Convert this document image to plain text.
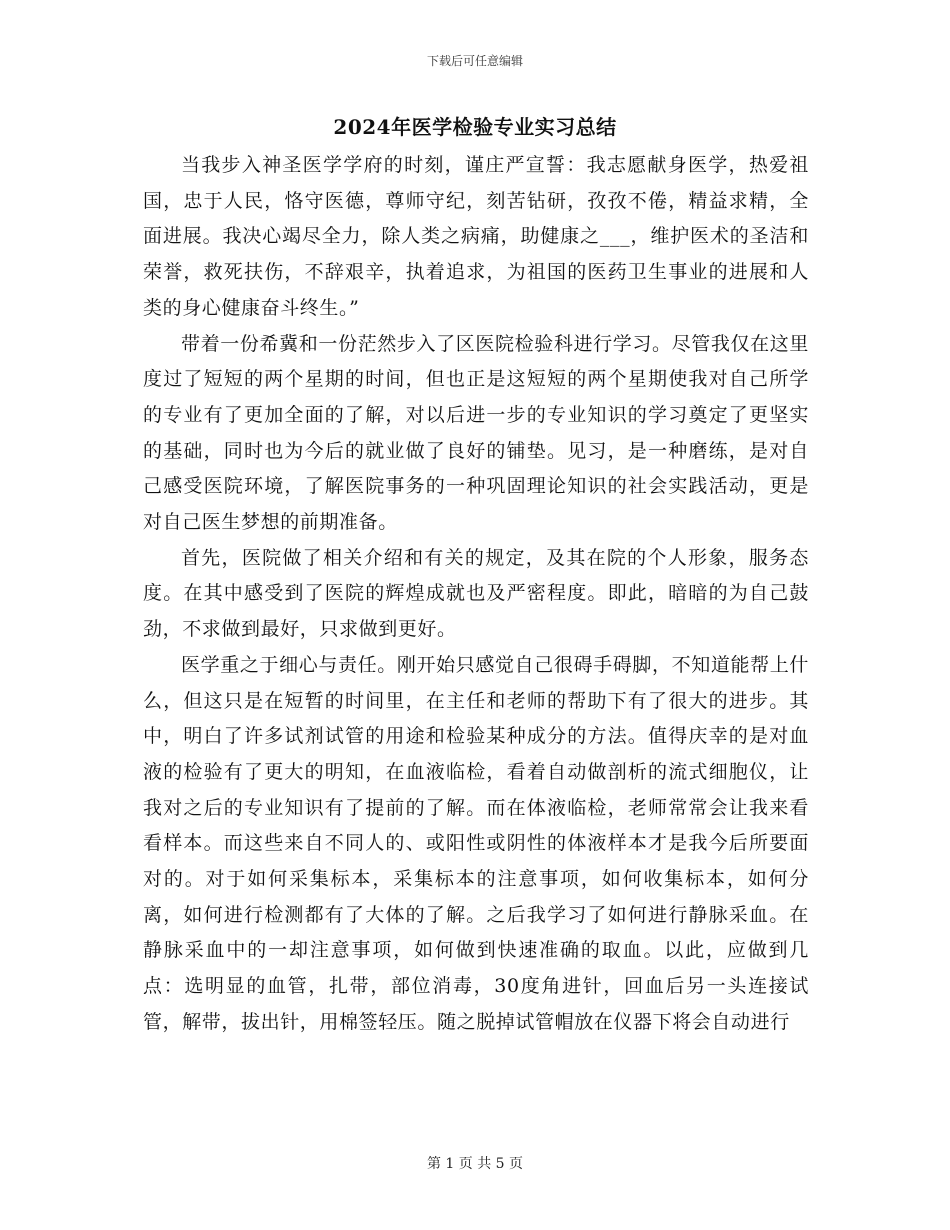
下载后可任意编辑
2024年医学检验专业实习总结

当我步入神圣医学学府的时刻，谨庄严宣誓：我志愿献身医学，热爱祖国，忠于人民，恪守医德，尊师守纪，刻苦钻研，孜孜不倦，精益求精，全面进展。我决心竭尽全力，除人类之病痛，助健康之___，维护医术的圣洁和荣誉，救死扶伤，不辞艰辛，执着追求，为祖国的医药卫生事业的进展和人类的身心健康奋斗终生。”

带着一份希冀和一份茫然步入了区医院检验科进行学习。尽管我仅在这里度过了短短的两个星期的时间，但也正是这短短的两个星期使我对自己所学的专业有了更加全面的了解，对以后进一步的专业知识的学习奠定了更坚实的基础，同时也为今后的就业做了良好的铺垫。见习，是一种磨练，是对自己感受医院环境，了解医院事务的一种巩固理论知识的社会实践活动，更是对自己医生梦想的前期准备。

首先，医院做了相关介绍和有关的规定，及其在院的个人形象，服务态度。在其中感受到了医院的辉煌成就也及严密程度。即此，暗暗的为自己鼓劲，不求做到最好，只求做到更好。

医学重之于细心与责任。刚开始只感觉自己很碍手碍脚，不知道能帮上什么，但这只是在短暂的时间里，在主任和老师的帮助下有了很大的进步。其中，明白了许多试剂试管的用途和检验某种成分的方法。值得庆幸的是对血液的检验有了更大的明知，在血液临检，看着自动做剖析的流式细胞仪，让我对之后的专业知识有了提前的了解。而在体液临检，老师常常会让我来看看样本。而这些来自不同人的、或阳性或阴性的体液样本才是我今后所要面对的。对于如何采集标本，采集标本的注意事项，如何收集标本，如何分离，如何进行检测都有了大体的了解。之后我学习了如何进行静脉采血。在静脉采血中的一却注意事项，如何做到快速准确的取血。以此，应做到几点：选明显的血管，扎带，部位消毒，30度角进针，回血后另一头连接试管，解带，拔出针，用棉签轻压。随之脱掉试管帽放在仪器下将会自动进行

第 1 页 共 5 页
